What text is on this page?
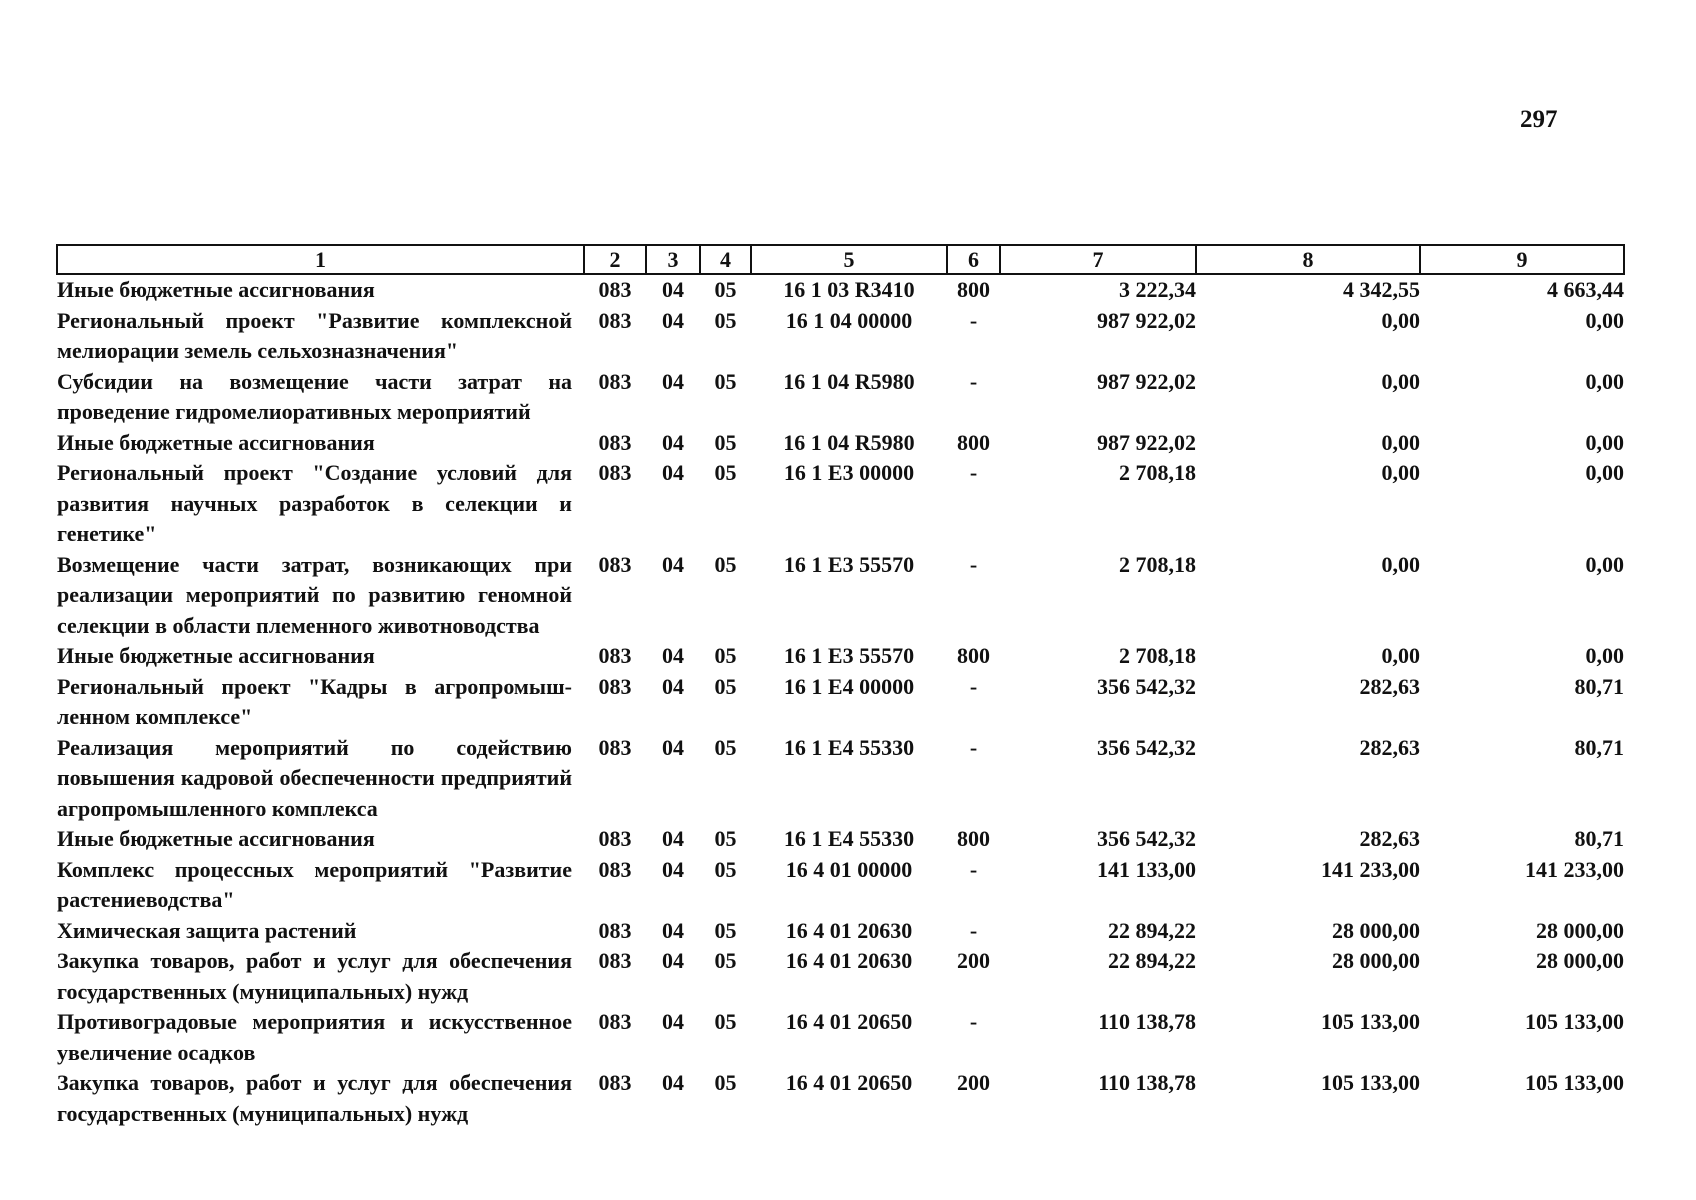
297
1	2	3	4	5	6	7	8	9
Иные бюджетные ассигнования	083	04	05	16 1 03 R3410	800	3 222,34	4 342,55	4 663,44
Региональный проект "Развитие комплексной мелиорации земель сельхозназначения"	083	04	05	16 1 04 00000	-	987 922,02	0,00	0,00
Субсидии на возмещение части затрат на проведение гидромелиоративных мероприятий	083	04	05	16 1 04 R5980	-	987 922,02	0,00	0,00
Иные бюджетные ассигнования	083	04	05	16 1 04 R5980	800	987 922,02	0,00	0,00
Региональный проект "Создание условий для развития научных разработок в селекции и генетике"	083	04	05	16 1 E3 00000	-	2 708,18	0,00	0,00
Возмещение части затрат, возникающих при реализации мероприятий по развитию геномной селекции в области племенного животноводства	083	04	05	16 1 E3 55570	-	2 708,18	0,00	0,00
Иные бюджетные ассигнования	083	04	05	16 1 E3 55570	800	2 708,18	0,00	0,00
Региональный проект "Кадры в агропромыш-ленном комплексе"	083	04	05	16 1 E4 00000	-	356 542,32	282,63	80,71
Реализация мероприятий по содействию повышения кадровой обеспеченности предприятий агропромышленного комплекса	083	04	05	16 1 E4 55330	-	356 542,32	282,63	80,71
Иные бюджетные ассигнования	083	04	05	16 1 E4 55330	800	356 542,32	282,63	80,71
Комплекс процессных мероприятий "Развитие растениеводства"	083	04	05	16 4 01 00000	-	141 133,00	141 233,00	141 233,00
Химическая защита растений	083	04	05	16 4 01 20630	-	22 894,22	28 000,00	28 000,00
Закупка товаров, работ и услуг для обеспечения государственных (муниципальных) нужд	083	04	05	16 4 01 20630	200	22 894,22	28 000,00	28 000,00
Противоградовые мероприятия и искусственное увеличение осадков	083	04	05	16 4 01 20650	-	110 138,78	105 133,00	105 133,00
Закупка товаров, работ и услуг для обеспечения государственных (муниципальных) нужд	083	04	05	16 4 01 20650	200	110 138,78	105 133,00	105 133,00
